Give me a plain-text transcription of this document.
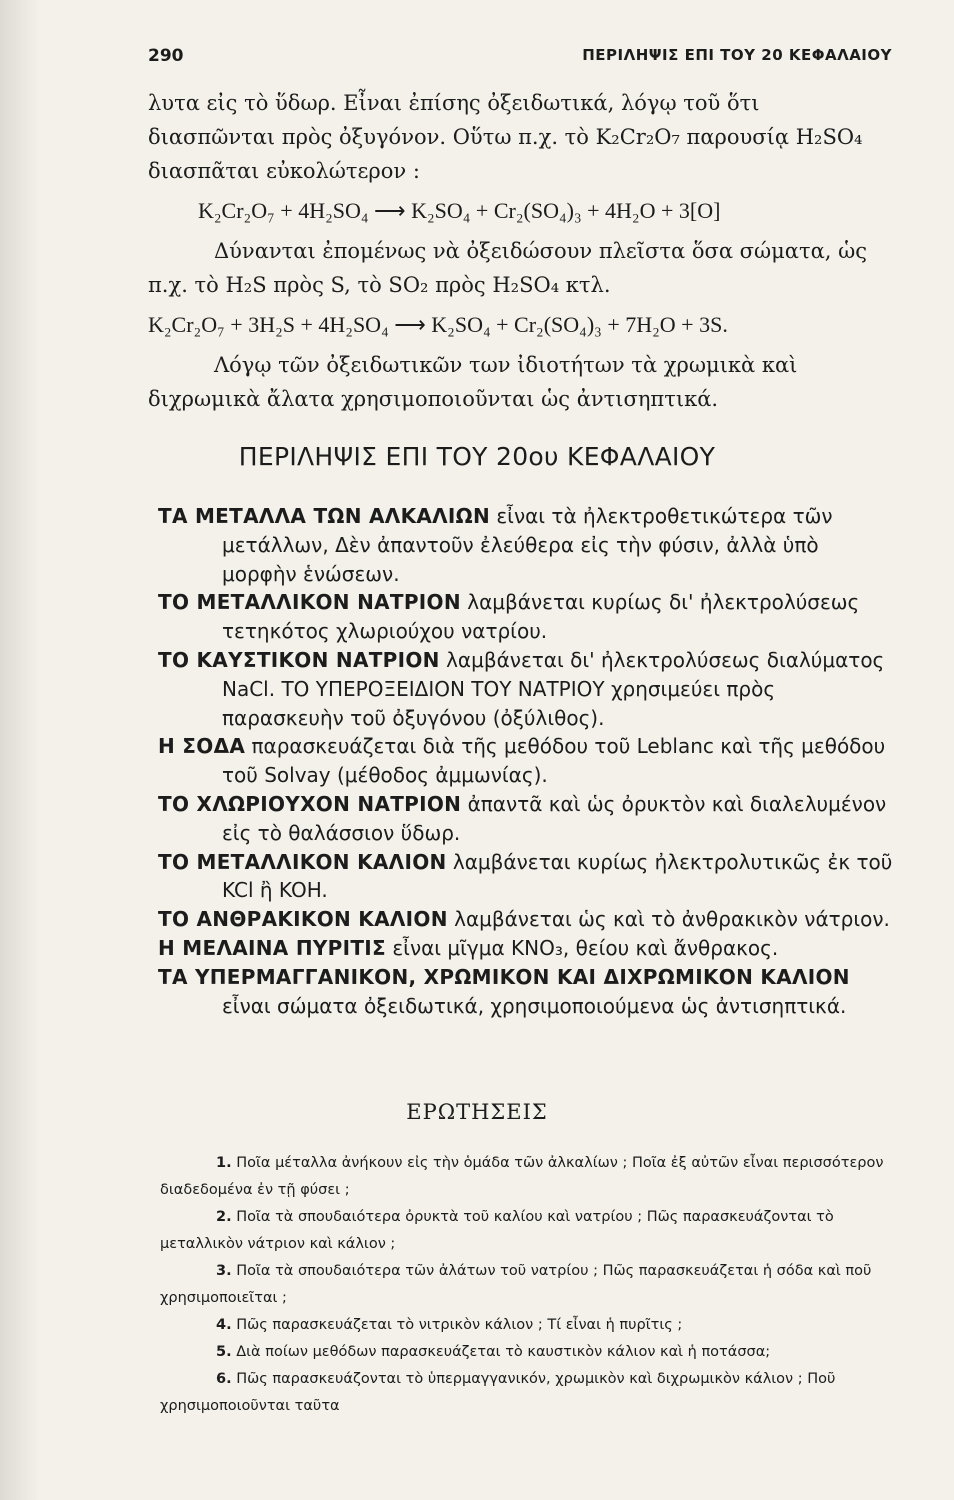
290	ΠΕΡΙΛΗΨΙΣ ΕΠΙ ΤΟΥ 20 ΚΕΦΑΛΑΙΟΥ

λυτα εἰς τὸ ὕδωρ. Εἶναι ἐπίσης ὀξειδωτικά, λόγῳ τοῦ ὅτι διασπῶνται πρὸς ὀξυγόνον. Οὕτω π.χ. τὸ K₂Cr₂O₇ παρουσίᾳ H₂SO₄ διασπᾶται εὐκολώτερον :

K₂Cr₂O₇ + 4H₂SO₄ ⟶ K₂SO₄ + Cr₂(SO₄)₃ + 4H₂O + 3[O]

Δύνανται ἐπομένως νὰ ὀξειδώσουν πλεῖστα ὅσα σώματα, ὡς π.χ. τὸ H₂S πρὸς S, τὸ SO₂ πρὸς H₂SO₄ κτλ.

K₂Cr₂O₇ + 3H₂S + 4H₂SO₄ ⟶ K₂SO₄ + Cr₂(SO₄)₃ + 7H₂O + 3S.

Λόγῳ τῶν ὀξειδωτικῶν των ἰδιοτήτων τὰ χρωμικὰ καὶ διχρωμικὰ ἄλατα χρησιμοποιοῦνται ὡς ἀντισηπτικά.

ΠΕΡΙΛΗΨΙΣ ΕΠΙ ΤΟΥ 20ου ΚΕΦΑΛΑΙΟΥ
ΤΑ ΜΕΤΑΛΛΑ ΤΩΝ ΑΛΚΑΛΙΩΝ εἶναι τὰ ἠλεκτροθετικώτερα τῶν μετάλλων, Δὲν ἀπαντοῦν ἐλεύθερα εἰς τὴν φύσιν, ἀλλὰ ὑπὸ μορφὴν ἑνώσεων.
ΤΟ ΜΕΤΑΛΛΙΚΟΝ ΝΑΤΡΙΟΝ λαμβάνεται κυρίως δι' ἠλεκτρολύσεως τετηκότος χλωριούχου νατρίου.
ΤΟ ΚΑΥΣΤΙΚΟΝ ΝΑΤΡΙΟΝ λαμβάνεται δι' ἠλεκτρολύσεως διαλύματος NaCl. ΤΟ ΥΠΕΡΟΞΕΙΔΙΟΝ ΤΟΥ ΝΑΤΡΙΟΥ χρησιμεύει πρὸς παρασκευὴν τοῦ ὀξυγόνου (ὀξύλιθος).
Η ΣΟΔΑ παρασκευάζεται διὰ τῆς μεθόδου τοῦ Leblanc καὶ τῆς μεθόδου τοῦ Solvay (μέθοδος ἀμμωνίας).
ΤΟ ΧΛΩΡΙΟΥΧΟΝ ΝΑΤΡΙΟΝ ἀπαντᾶ καὶ ὡς ὀρυκτὸν καὶ διαλελυμένον εἰς τὸ θαλάσσιον ὕδωρ.
ΤΟ ΜΕΤΑΛΛΙΚΟΝ ΚΑΛΙΟΝ λαμβάνεται κυρίως ἠλεκτρολυτικῶς ἐκ τοῦ KCl ἢ KOH.
ΤΟ ΑΝΘΡΑΚΙΚΟΝ ΚΑΛΙΟΝ λαμβάνεται ὡς καὶ τὸ ἀνθρακικὸν νάτριον.
Η ΜΕΛΑΙΝΑ ΠΥΡΙΤΙΣ εἶναι μῖγμα KNO₃, θείου καὶ ἄνθρακος.
ΤΑ ΥΠΕΡΜΑΓΓΑΝΙΚΟΝ, ΧΡΩΜΙΚΟΝ ΚΑΙ ΔΙΧΡΩΜΙΚΟΝ ΚΑΛΙΟΝ εἶναι σώματα ὀξειδωτικά, χρησιμοποιούμενα ὡς ἀντισηπτικά.
ΕΡΩΤΗΣΕΙΣ
1. Ποῖα μέταλλα ἀνήκουν εἰς τὴν ὁμάδα τῶν ἀλκαλίων ; Ποῖα ἐξ αὐτῶν εἶναι περισσότερον διαδεδομένα ἐν τῇ φύσει ;
2. Ποῖα τὰ σπουδαιότερα ὀρυκτὰ τοῦ καλίου καὶ νατρίου ; Πῶς παρασκευάζονται τὸ μεταλλικὸν νάτριον καὶ κάλιον ;
3. Ποῖα τὰ σπουδαιότερα τῶν ἀλάτων τοῦ νατρίου ; Πῶς παρασκευάζεται ἡ σόδα καὶ ποῦ χρησιμοποιεῖται ;
4. Πῶς παρασκευάζεται τὸ νιτρικὸν κάλιον ; Τί εἶναι ἡ πυρῖτις ;
5. Διὰ ποίων μεθόδων παρασκευάζεται τὸ καυστικὸν κάλιον καὶ ἡ ποτάσσα;
6. Πῶς παρασκευάζονται τὸ ὑπερμαγγανικόν, χρωμικὸν καὶ διχρωμικὸν κάλιον ; Ποῦ χρησιμοποιοῦνται ταῦτα
